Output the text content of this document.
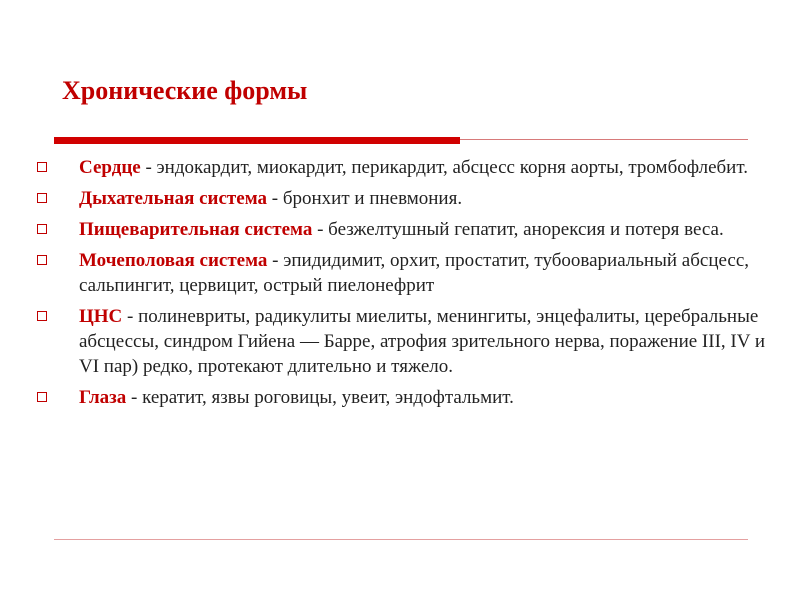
Хронические формы
Сердце - эндокардит, миокардит, перикардит, абсцесс корня аорты, тромбофлебит.
Дыхательная система - бронхит и пневмония.
Пищеварительная система - безжелтушный гепатит, анорексия и потеря веса.
Мочеполовая система - эпидидимит, орхит, простатит, тубоовариальный абсцесс, сальпингит, цервицит, острый пиелонефрит
ЦНС - полиневриты, радикулиты миелиты, менингиты, энцефалиты, церебральные абсцессы, синдром Гийена — Барре, атрофия зрительного нерва, поражение III, IV и VI пар) редко, протекают длительно и тяжело.
Глаза - кератит, язвы роговицы, увеит, эндофтальмит.
